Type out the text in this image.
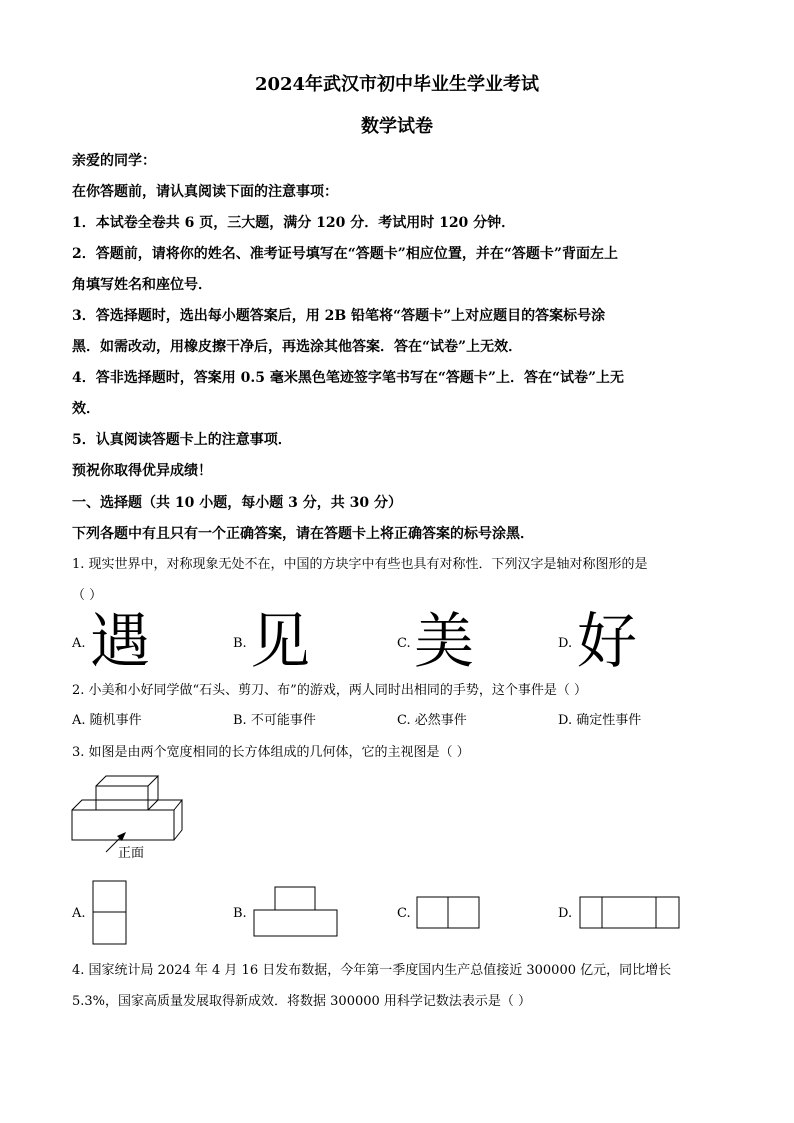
2024年武汉市初中毕业生学业考试
数学试卷
亲爱的同学：
在你答题前，请认真阅读下面的注意事项：
1．本试卷全卷共 6 页，三大题，满分 120 分．考试用时 120 分钟．
2．答题前，请将你的姓名、准考证号填写在“答题卡”相应位置，并在“答题卡”背面左上
角填写姓名和座位号．
3．答选择题时，选出每小题答案后，用 2B 铅笔将“答题卡”上对应题目的答案标号涂
黑．如需改动，用橡皮擦干净后，再选涂其他答案．答在“试卷”上无效．
4．答非选择题时，答案用 0.5 毫米黑色笔迹签字笔书写在“答题卡”上．答在“试卷”上无
效．
5．认真阅读答题卡上的注意事项．
预祝你取得优异成绩！
一、选择题（共 10 小题，每小题 3 分，共 30 分）
下列各题中有且只有一个正确答案，请在答题卡上将正确答案的标号涂黑．
1. 现实世界中，对称现象无处不在，中国的方块字中有些也具有对称性．下列汉字是轴对称图形的是
（ ）
A. 遇	B. 见	C. 美	D. 好
2. 小美和小好同学做“石头、剪刀、布”的游戏，两人同时出相同的手势，这个事件是（ ）
A. 随机事件	B. 不可能事件	C. 必然事件	D. 确定性事件
3. 如图是由两个宽度相同的长方体组成的几何体，它的主视图是（ ）
正面
A.	B.	C.	D.
4. 国家统计局 2024 年 4 月 16 日发布数据，今年第一季度国内生产总值接近 300000 亿元，同比增长
5.3%，国家高质量发展取得新成效．将数据 300000 用科学记数法表示是（ ）
